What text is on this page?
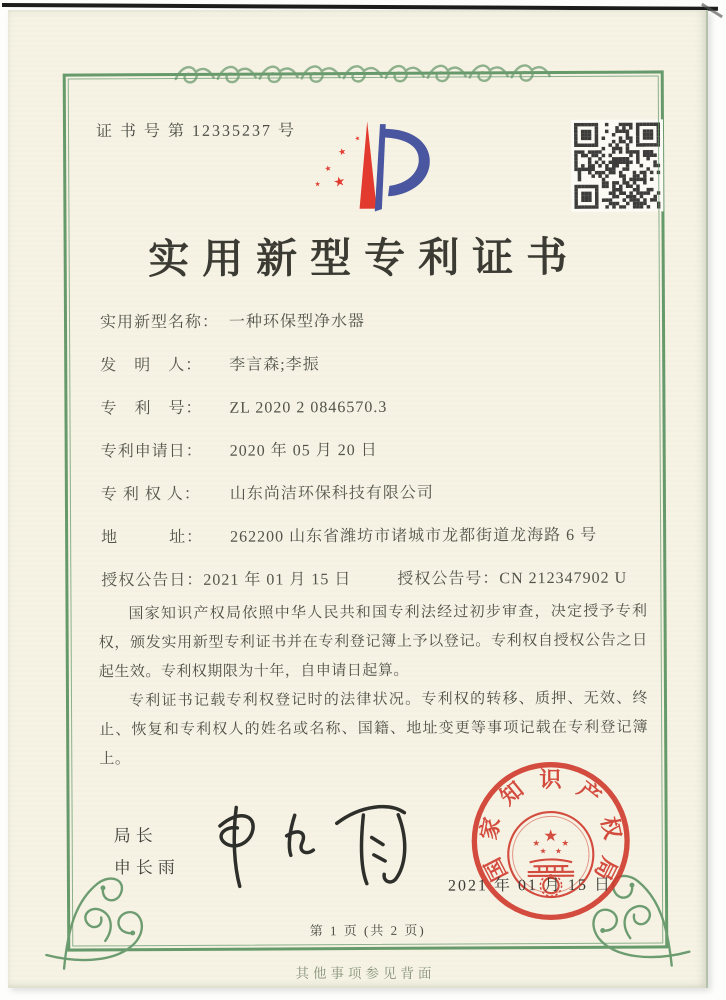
证 书 号 第 12335237 号	★
★
★
★ ★
实用新型专利证书
实用新型名称： 一种环保型净水器
发　明　人： 李言森;李振
专　利　号： ZL 2020 2 0846570.3
专利申请日： 2020 年 05 月 20 日
专 利 权 人： 山东尚洁环保科技有限公司
地　　　址： 262200 山东省潍坊市诸城市龙都街道龙海路 6 号
授权公告日：2021 年 01 月 15 日	授权公告号：CN 212347902 U

国家知识产权局依照中华人民共和国专利法经过初步审查，决定授予专利权，颁发实用新型专利证书并在专利登记簿上予以登记。专利权自授权公告之日起生效。专利权期限为十年，自申请日起算。

专利证书记载专利权登记时的法律状况。专利权的转移、质押、无效、终止、恢复和专利权人的姓名或名称、国籍、地址变更等事项记载在专利登记簿上。

局长
申长雨	国
家
知 识 产
权
局
★
★ ★
★ ★
2021 年 01 月 15 日
第 1 页 (共 2 页)
其他事项参见背面
